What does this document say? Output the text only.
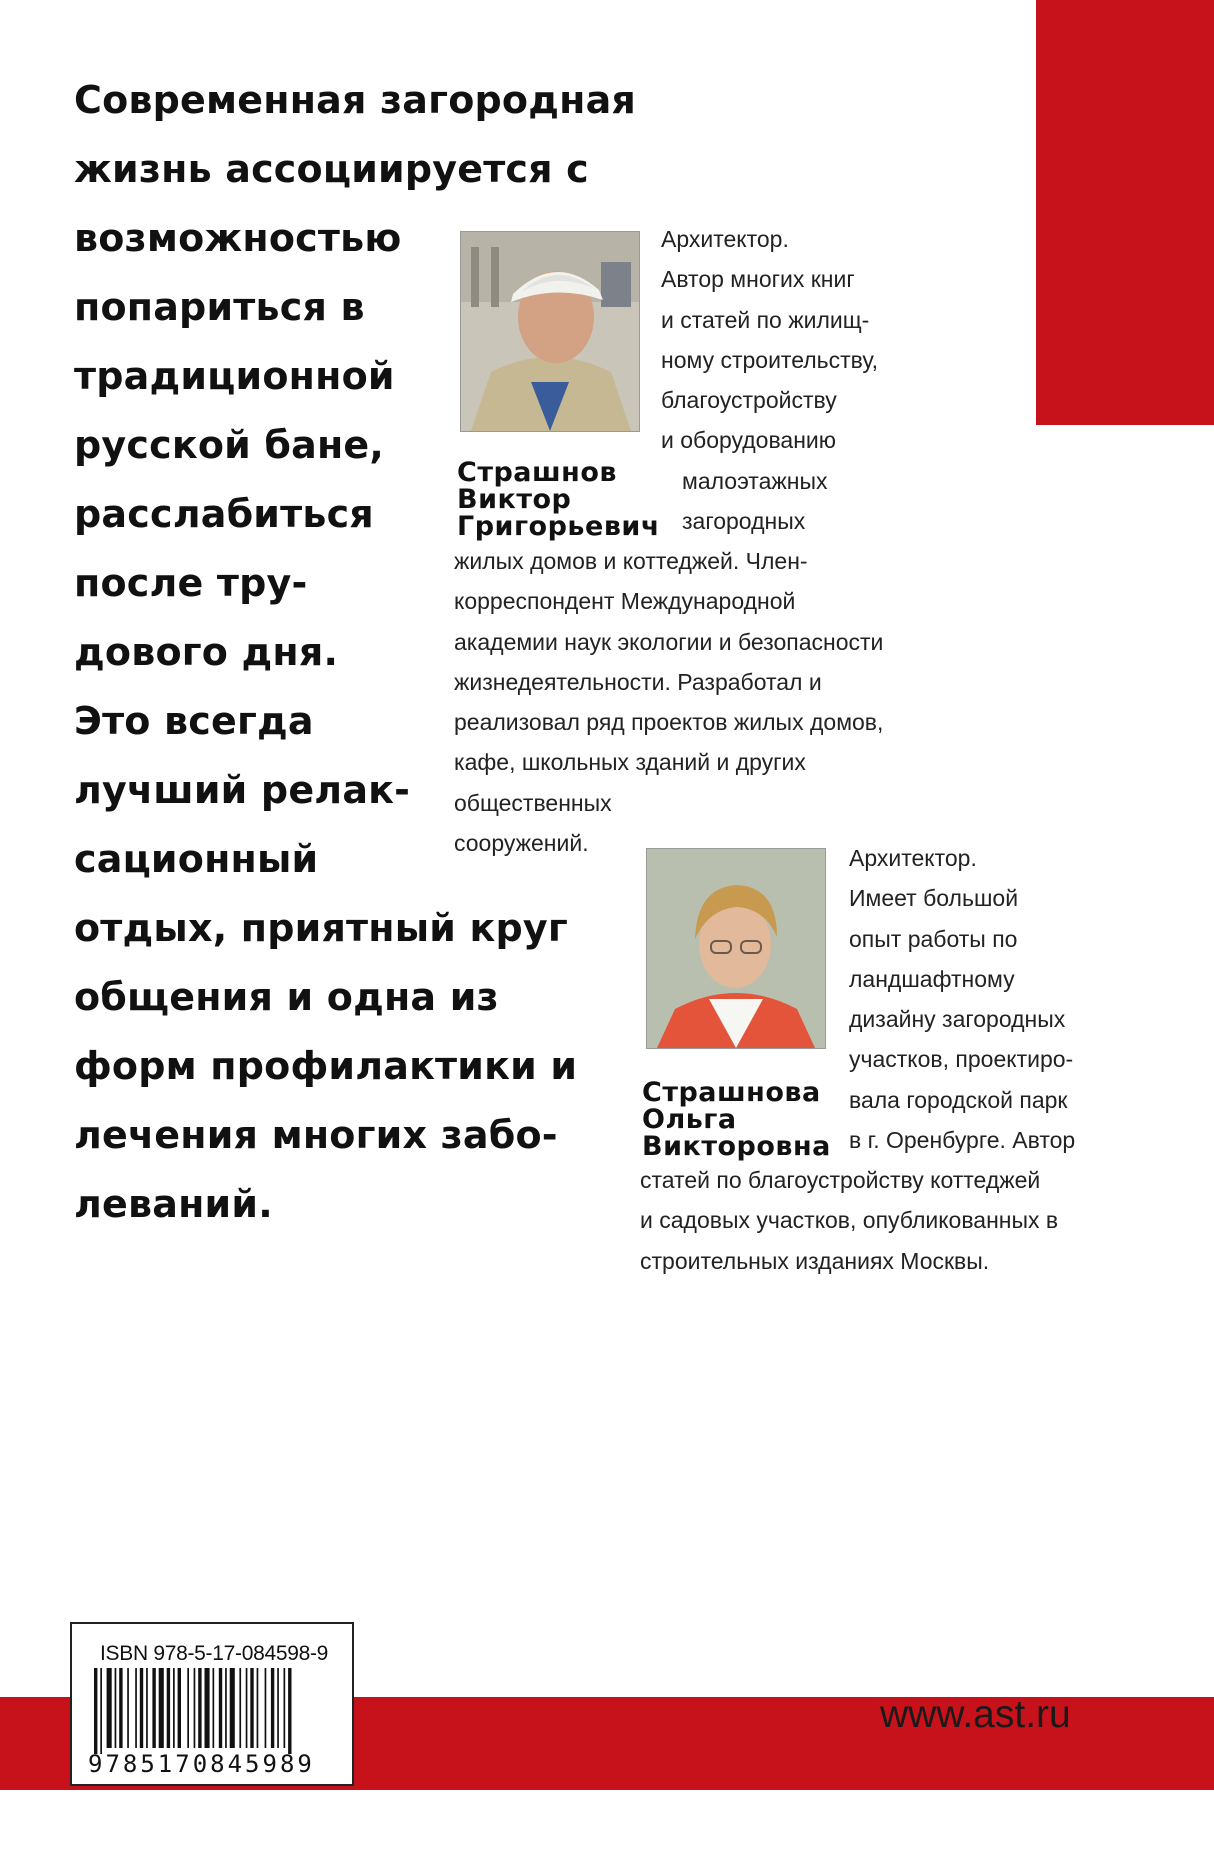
Современная загородная
жизнь ассоциируется с
возможностью
попариться в
традиционной
русской бане,
расслабиться
после тру-
дового дня.
Это всегда
лучший релак-
сационный
отдых, приятный круг
общения и одна из
форм профилактики и
лечения многих забо-
леваний.

Страшнов
Виктор
Григорьевич

Архитектор.
Автор многих книг
и статей по жилищ-
ному строительству,
благоустройству
и оборудованию

малоэтажных
загородных

жилых домов и коттеджей. Член-
корреспондент Международной
академии наук экологии и безопасности
жизнедеятельности. Разработал и
реализовал ряд проектов жилых домов,
кафе, школьных зданий и других
общественных
сооружений.

Страшнова
Ольга
Викторовна

Архитектор.
Имеет большой
опыт работы по
ландшафтному
дизайну загородных
участков, проектиро-
вала городской парк
в г. Оренбурге. Автор

статей по благоустройству коттеджей
и садовых участков, опубликованных в
строительных изданиях Москвы.

ISBN 978-5-17-084598-9
9785170845989
www.ast.ru
